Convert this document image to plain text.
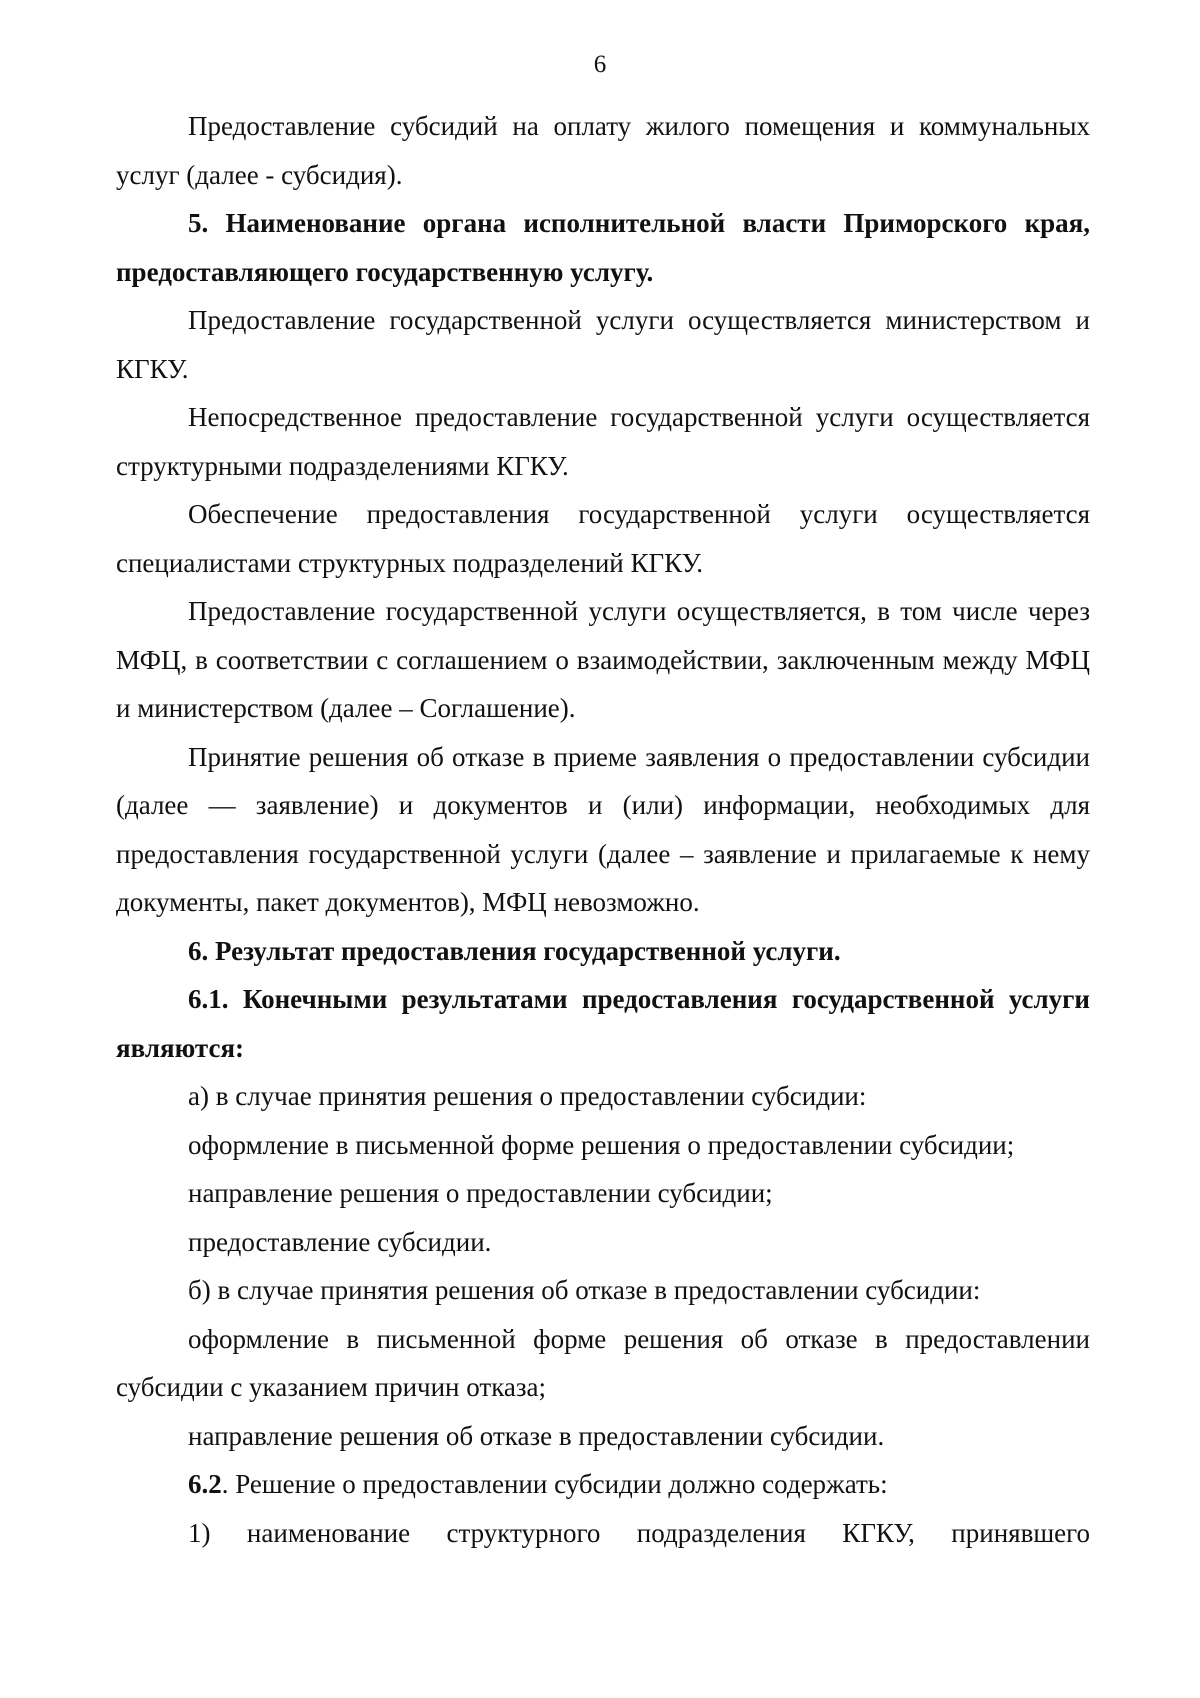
6

Предоставление субсидий на оплату жилого помещения и коммунальных услуг (далее - субсидия).

5. Наименование органа исполнительной власти Приморского края, предоставляющего государственную услугу.

Предоставление государственной услуги осуществляется министерством и КГКУ.

Непосредственное предоставление государственной услуги осуществляется структурными подразделениями КГКУ.

Обеспечение предоставления государственной услуги осуществляется специалистами структурных подразделений КГКУ.

Предоставление государственной услуги осуществляется, в том числе через МФЦ, в соответствии с соглашением о взаимодействии, заключенным между МФЦ и министерством (далее – Соглашение).

Принятие решения об отказе в приеме заявления о предоставлении субсидии (далее — заявление) и документов и (или) информации, необходимых для предоставления государственной услуги (далее – заявление и прилагаемые к нему документы, пакет документов), МФЦ невозможно.

6. Результат предоставления государственной услуги.

6.1. Конечными результатами предоставления государственной услуги являются:

а) в случае принятия решения о предоставлении субсидии:

оформление в письменной форме решения о предоставлении субсидии;

направление решения о предоставлении субсидии;

предоставление субсидии.

б) в случае принятия решения об отказе в предоставлении субсидии:

оформление в письменной форме решения об отказе в предоставлении субсидии с указанием причин отказа;

направление решения об отказе в предоставлении субсидии.

6.2. Решение о предоставлении субсидии должно содержать:

1) наименование структурного подразделения КГКУ, принявшего
